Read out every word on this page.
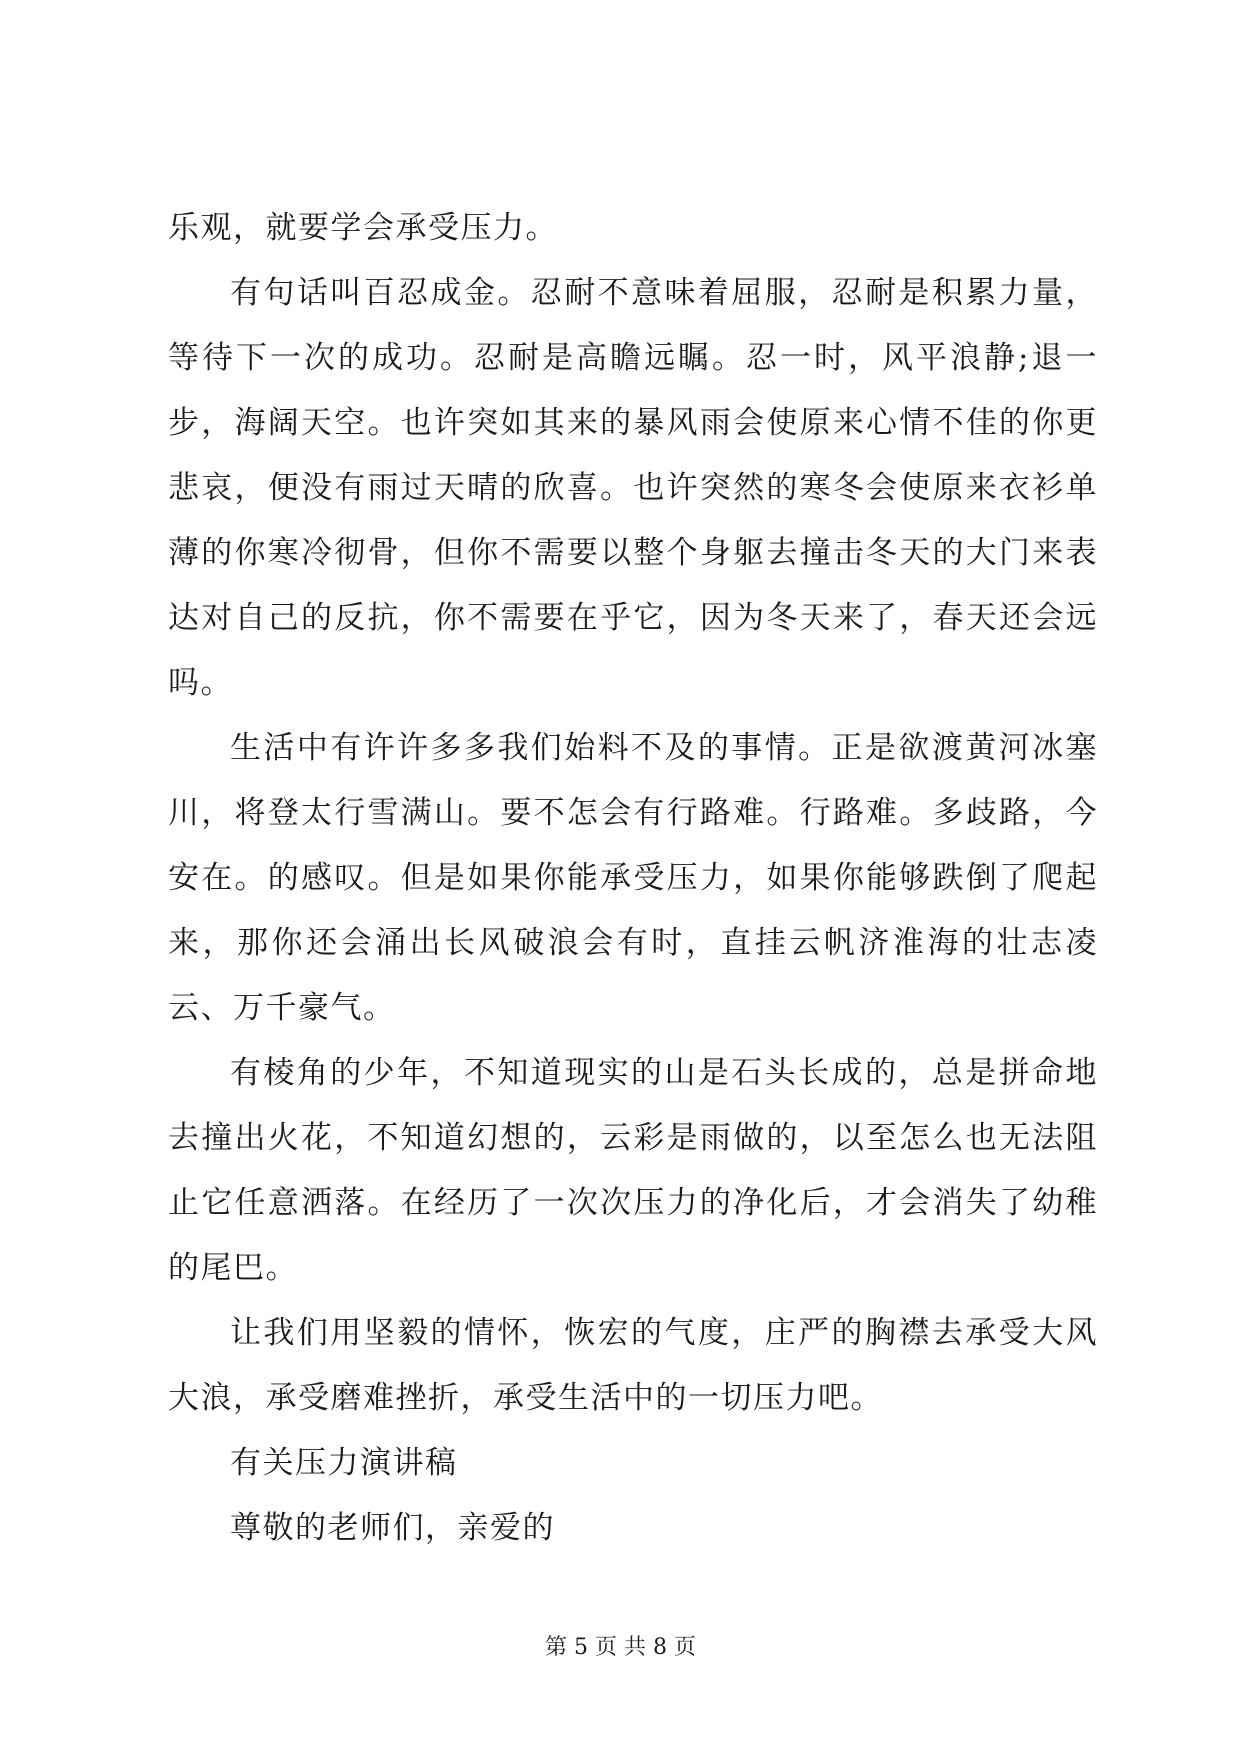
乐观，就要学会承受压力。

有句话叫百忍成金。忍耐不意味着屈服，忍耐是积累力量，等待下一次的成功。忍耐是高瞻远瞩。忍一时，风平浪静;退一步，海阔天空。也许突如其来的暴风雨会使原来心情不佳的你更悲哀，便没有雨过天晴的欣喜。也许突然的寒冬会使原来衣衫单薄的你寒冷彻骨，但你不需要以整个身躯去撞击冬天的大门来表达对自己的反抗，你不需要在乎它，因为冬天来了，春天还会远吗。

生活中有许许多多我们始料不及的事情。正是欲渡黄河冰塞川，将登太行雪满山。要不怎会有行路难。行路难。多歧路，今安在。的感叹。但是如果你能承受压力，如果你能够跌倒了爬起来，那你还会涌出长风破浪会有时，直挂云帆济淮海的壮志凌云、万千豪气。

有棱角的少年，不知道现实的山是石头长成的，总是拼命地去撞出火花，不知道幻想的，云彩是雨做的，以至怎么也无法阻止它任意洒落。在经历了一次次压力的净化后，才会消失了幼稚的尾巴。

让我们用坚毅的情怀，恢宏的气度，庄严的胸襟去承受大风大浪，承受磨难挫折，承受生活中的一切压力吧。

有关压力演讲稿

尊敬的老师们，亲爱的

第 5 页 共 8 页
